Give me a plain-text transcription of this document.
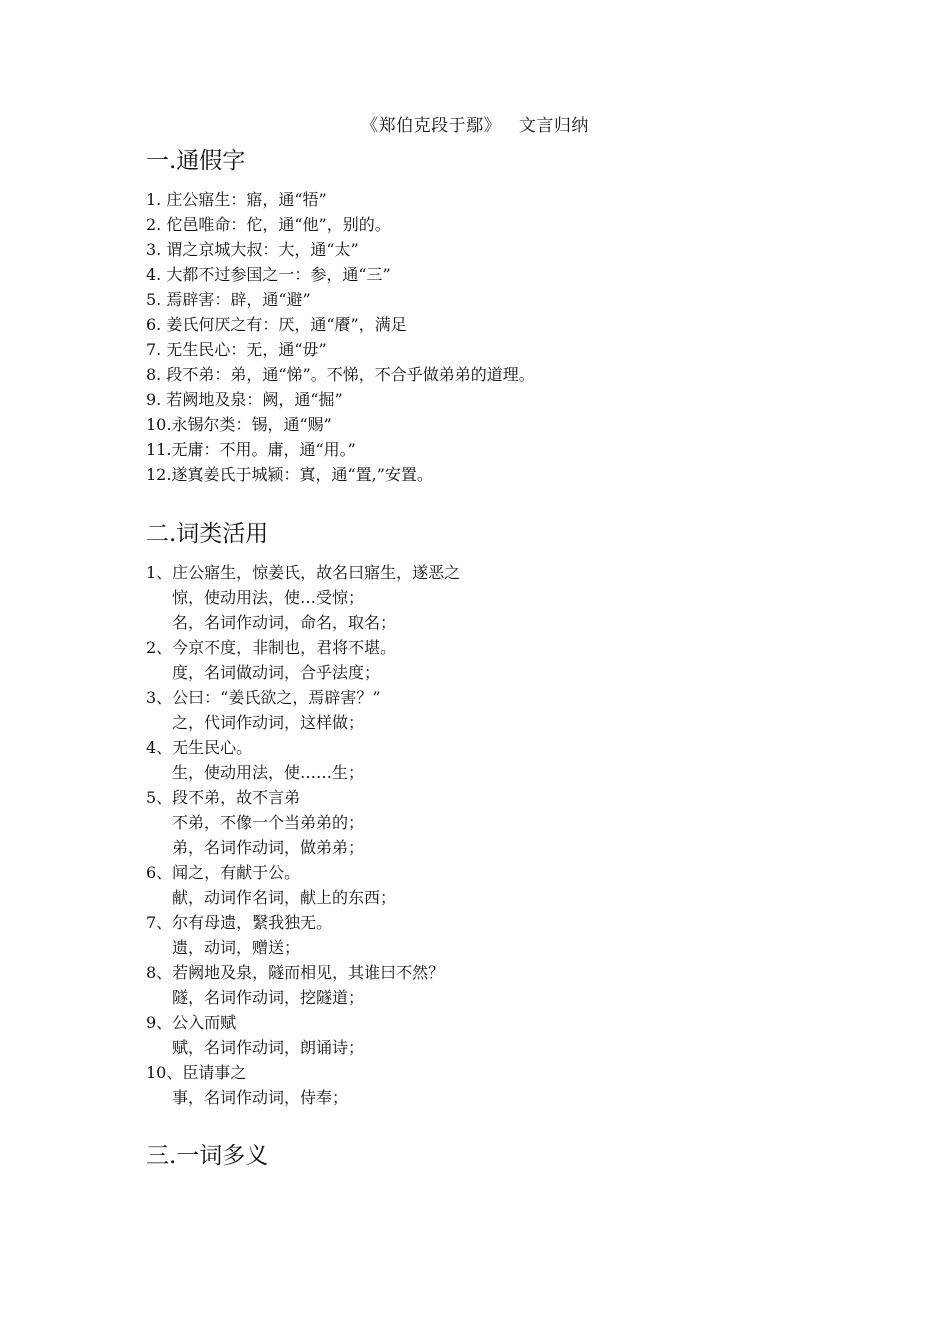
《郑伯克段于鄢》   文言归纳
一.通假字
1. 庄公寤生：寤，通“牾”
2. 佗邑唯命：佗，通“他”，别的。
3. 谓之京城大叔：大，通“太”
4. 大都不过参国之一：参，通“三”
5. 焉辟害：辟，通“避”
6. 姜氏何厌之有：厌，通“餍”，满足
7. 无生民心：无，通“毋”
8. 段不弟：弟，通“悌”。不悌，不合乎做弟弟的道理。
9. 若阙地及泉：阙，通“掘”
10.永锡尔类：锡，通“赐”
11.无庸：不用。庸，通“用。”
12.遂寘姜氏于城颍：寘，通“置,”安置。
二.词类活用
1、庄公寤生，惊姜氏，故名曰寤生，遂恶之
惊，使动用法，使…受惊；
名，名词作动词，命名，取名；
2、今京不度，非制也，君将不堪。
度，名词做动词，合乎法度；
3、公曰：“姜氏欲之，焉辟害？”
之，代词作动词，这样做；
4、无生民心。
生，使动用法，使……生；
5、段不弟，故不言弟
不弟，不像一个当弟弟的；
弟，名词作动词，做弟弟；
6、闻之，有献于公。
献，动词作名词，献上的东西；
7、尔有母遗，繄我独无。
遗，动词，赠送；
8、若阙地及泉，隧而相见，其谁曰不然？
隧，名词作动词，挖隧道；
9、公入而赋
赋，名词作动词，朗诵诗；
10、臣请事之
事，名词作动词，侍奉；
三.一词多义
